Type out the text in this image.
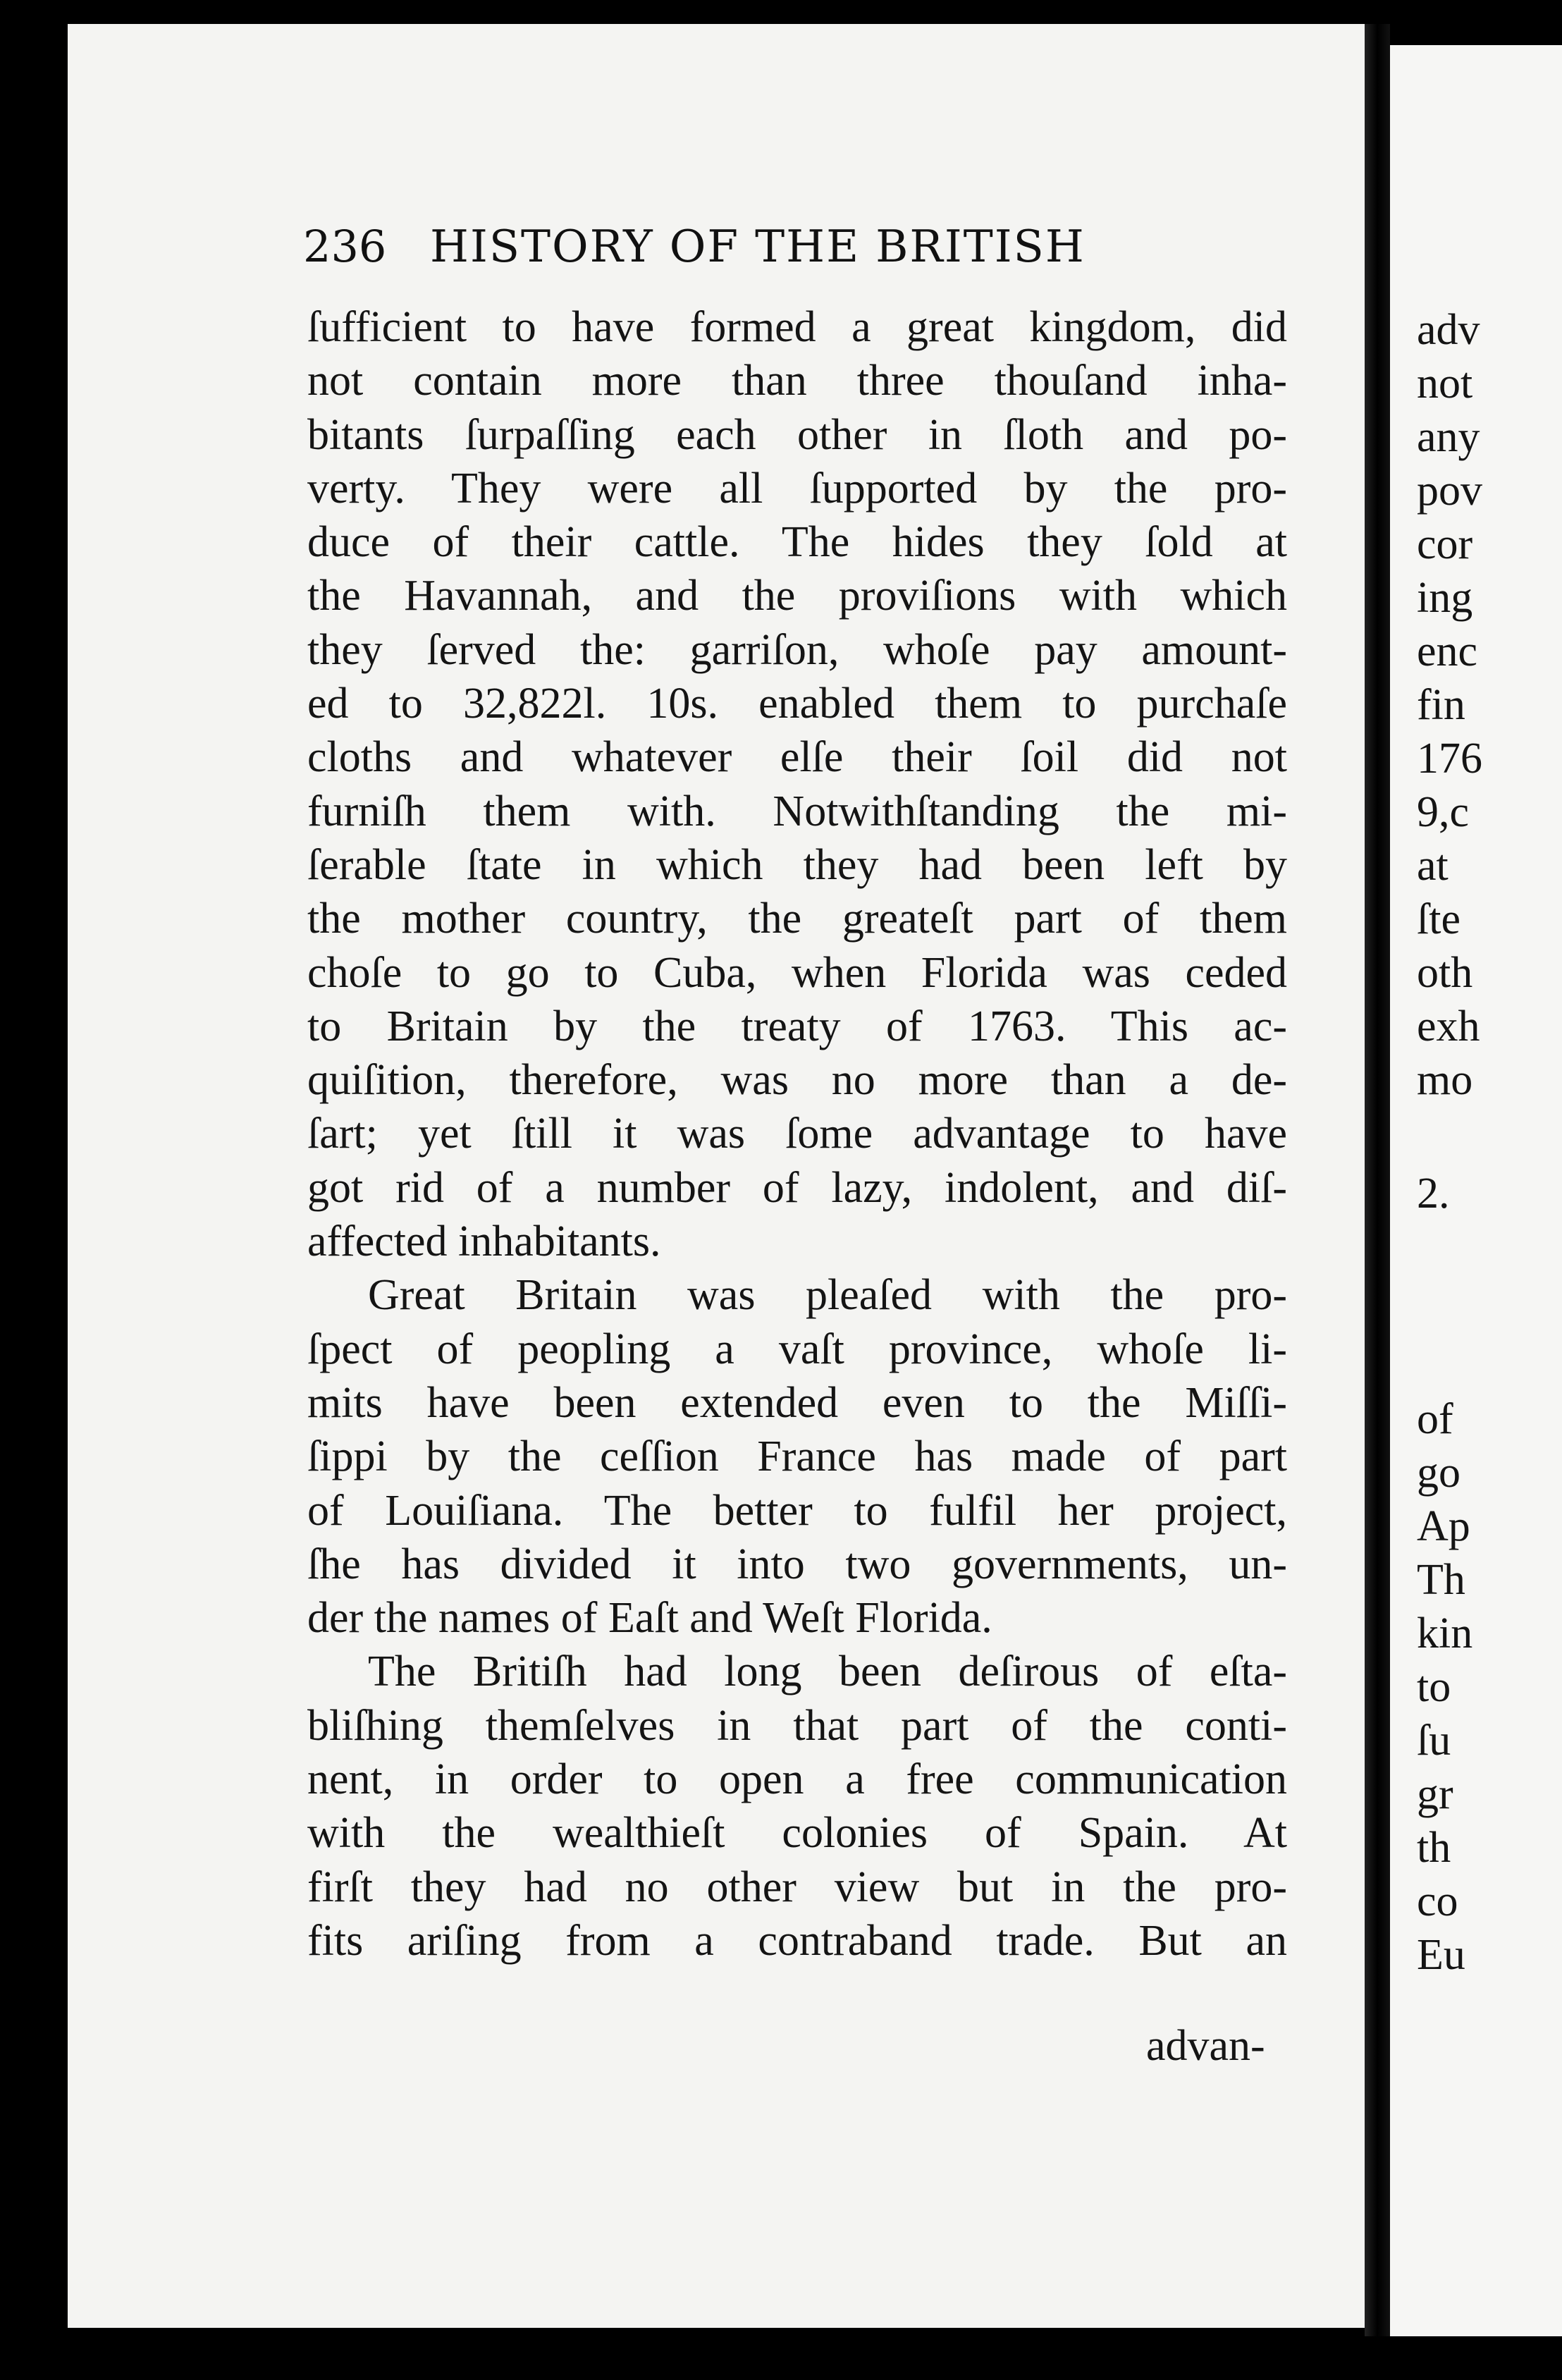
236 HISTORY OF THE BRITISH
ſufficient to have formed a great kingdom, did
not contain more than three thouſand inha-
bitants ſurpaſſing each other in ſloth and po-
verty. They were all ſupported by the pro-
duce of their cattle. The hides they ſold at
the Havannah, and the proviſions with which
they ſerved the: garriſon, whoſe pay amount-
ed to 32,822l. 10s. enabled them to purchaſe
cloths and whatever elſe their ſoil did not
furniſh them with. Notwithſtanding the mi-
ſerable ſtate in which they had been left by
the mother country, the greateſt part of them
choſe to go to Cuba, when Florida was ceded
to Britain by the treaty of 1763. This ac-
quiſition, therefore, was no more than a de-
ſart; yet ſtill it was ſome advantage to have
got rid of a number of lazy, indolent, and diſ-
affected inhabitants.
Great Britain was pleaſed with the pro-
ſpect of peopling a vaſt province, whoſe li-
mits have been extended even to the Miſſi-
ſippi by the ceſſion France has made of part
of Louiſiana. The better to fulfil her project,
ſhe has divided it into two governments, un-
der the names of Eaſt and Weſt Florida.
The Britiſh had long been deſirous of eſta-
bliſhing themſelves in that part of the conti-
nent, in order to open a free communication
with the wealthieſt colonies of Spain. At
firſt they had no other view but in the pro-
fits ariſing from a contraband trade. But an
advan-
adv
not
any
pov
cor
ing
enc
fin
176
9,c
at
ſte
oth
exh
mo
2.
of
go
Ap
Th
kin
to
ſu
gr
th
co
Eu
